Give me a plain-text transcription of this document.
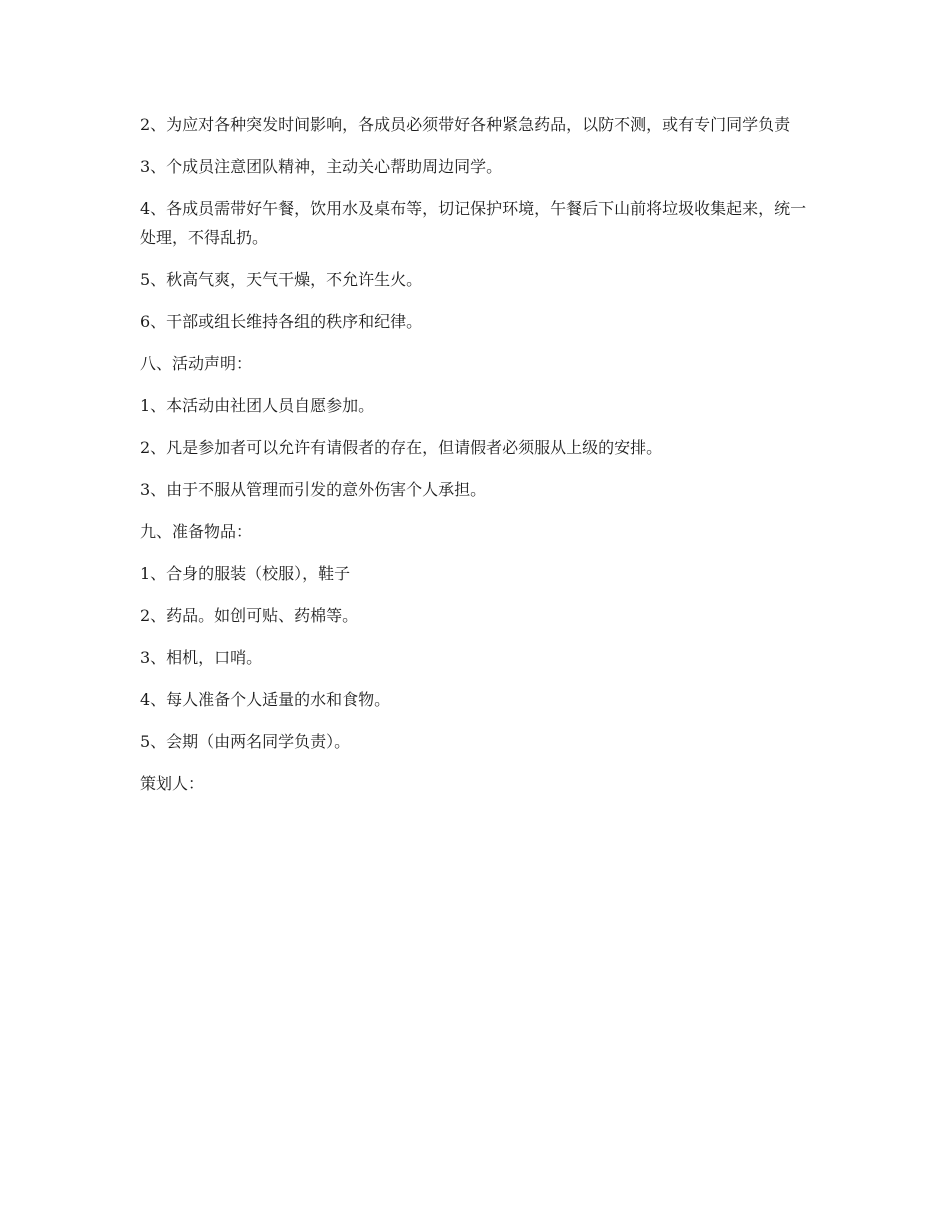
2、为应对各种突发时间影响，各成员必须带好各种紧急药品，以防不测，或有专门同学负责

3、个成员注意团队精神，主动关心帮助周边同学。

4、各成员需带好午餐，饮用水及桌布等，切记保护环境，午餐后下山前将垃圾收集起来，统一处理，不得乱扔。

5、秋高气爽，天气干燥，不允许生火。

6、干部或组长维持各组的秩序和纪律。

八、活动声明：

1、本活动由社团人员自愿参加。

2、凡是参加者可以允许有请假者的存在，但请假者必须服从上级的安排。

3、由于不服从管理而引发的意外伤害个人承担。

九、准备物品：

1、合身的服装（校服），鞋子

2、药品。如创可贴、药棉等。

3、相机，口哨。

4、每人准备个人适量的水和食物。

5、会期（由两名同学负责）。

策划人：
